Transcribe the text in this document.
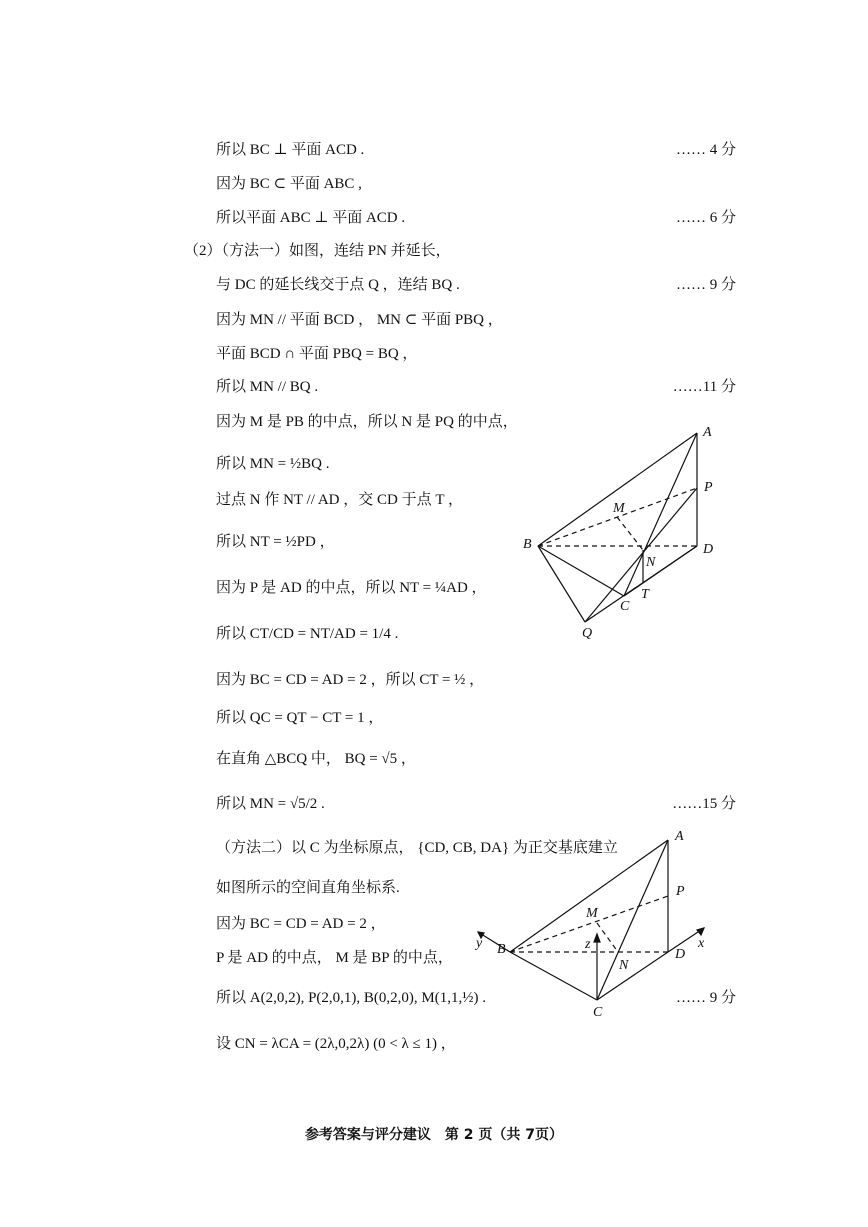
所以 BC ⊥ 平面 ACD .
因为 BC ⊂ 平面 ABC ,
所以平面 ABC ⊥ 平面 ACD .
（2）（方法一）如图，连结 PN 并延长，
与 DC 的延长线交于点 Q ，连结 BQ .
因为 MN // 平面 BCD ， MN ⊂ 平面 PBQ ，
平面 BCD ∩ 平面 PBQ = BQ ，
所以 MN // BQ .
因为 M 是 PB 的中点，所以 N 是 PQ 的中点，
所以 MN = ½BQ .
过点 N 作 NT // AD ，交 CD 于点 T ，
所以 NT = ½PD ，
因为 P 是 AD 的中点，所以 NT = ¼AD ，
所以 CT/CD = NT/AD = 1/4 .
因为 BC = CD = AD = 2 ，所以 CT = ½ ，
所以 QC = QT − CT = 1 ，
在直角 △BCQ 中， BQ = √5 ，
所以 MN = √5/2 .
（方法二）以 C 为坐标原点， {CD, CB, DA} 为正交基底建立
如图所示的空间直角坐标系.
因为 BC = CD = AD = 2 ，
P 是 AD 的中点， M 是 BP 的中点，
所以 A(2,0,2), P(2,0,1), B(0,2,0), M(1,1,½) .
设 CN = λCA = (2λ,0,2λ) (0 < λ ≤ 1) ，
…… 4 分
…… 6 分
…… 9 分
……11 分
……15 分
…… 9 分
A
P
M
B	D
N
T
C
Q
A
P
M
y B	z
N
D
x
C
参考答案与评分建议　第 2 页（共 7页）
